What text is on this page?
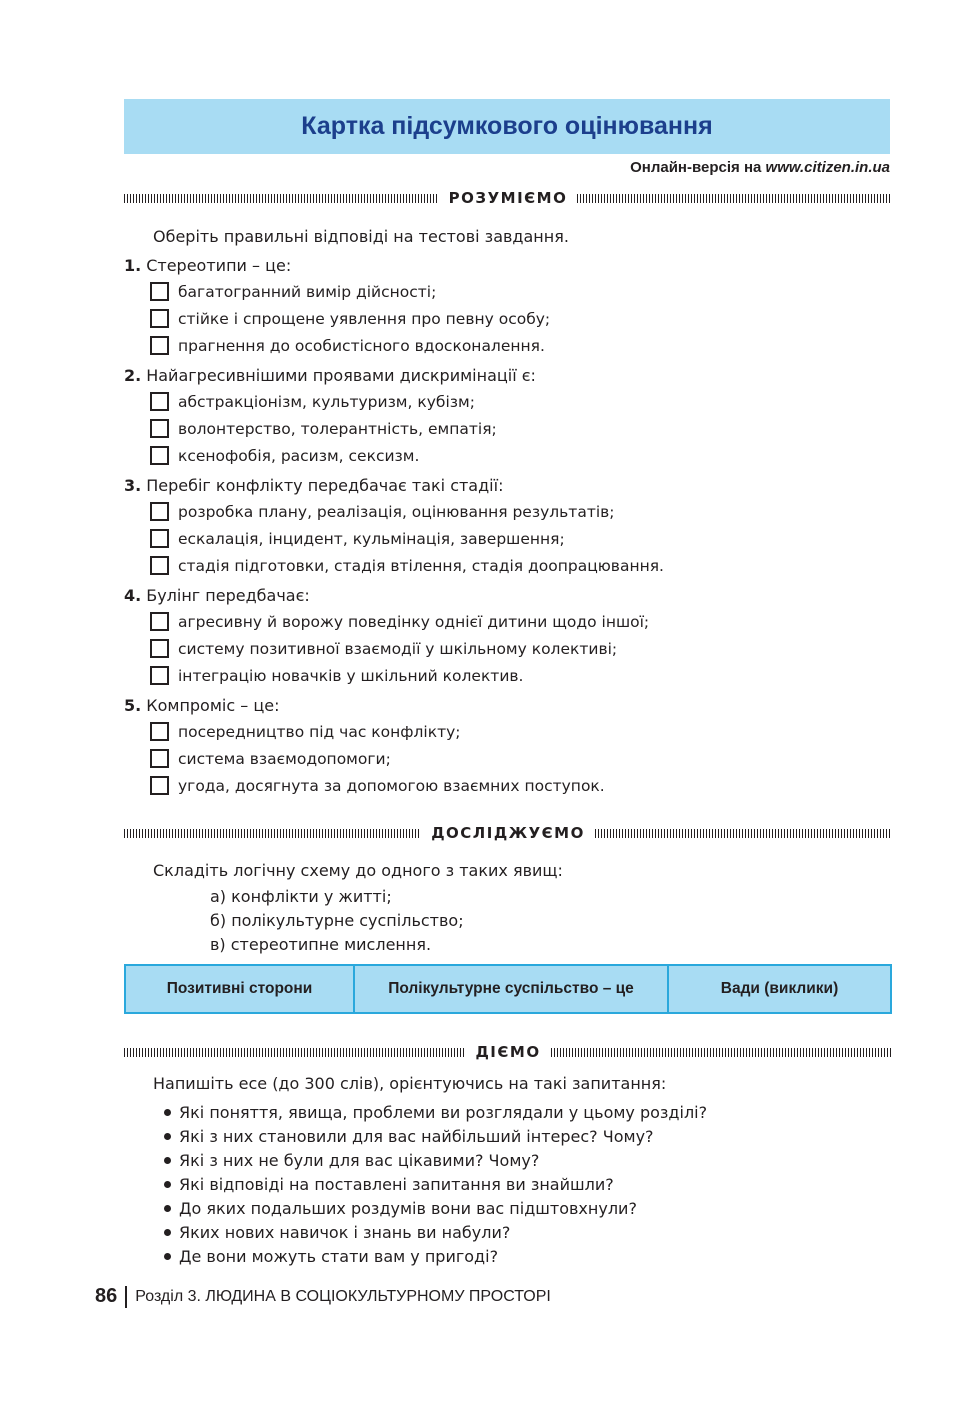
Картка підсумкового оцінювання
Онлайн-версія на www.citizen.in.ua
РОЗУМІЄМО
Оберіть правильні відповіді на тестові завдання.
1. Стереотипи – це:
багатогранний вимір дійсності;
стійке і спрощене уявлення про певну особу;
прагнення до особистісного вдосконалення.
2. Найагресивнішими проявами дискримінації є:
абстракціонізм, культуризм, кубізм;
волонтерство, толерантність, емпатія;
ксенофобія, расизм, сексизм.
3. Перебіг конфлікту передбачає такі стадії:
розробка плану, реалізація, оцінювання результатів;
ескалація, інцидент, кульмінація, завершення;
стадія підготовки, стадія втілення, стадія доопрацювання.
4. Булінг передбачає:
агресивну й ворожу поведінку однієї дитини щодо іншої;
систему позитивної взаємодії у шкільному колективі;
інтеграцію новачків у шкільний колектив.
5. Компроміс – це:
посередництво під час конфлікту;
система взаємодопомоги;
угода, досягнута за допомогою взаємних поступок.
ДОСЛІДЖУЄМО
Складіть логічну схему до одного з таких явищ:
а) конфлікти у житті;
б) полікультурне суспільство;
в) стереотипне мислення.
Позитивні сторони	Полікультурне суспільство – це	Вади (виклики)
ДІЄМО
Напишіть есе (до 300 слів), орієнтуючись на такі запитання:
Які поняття, явища, проблеми ви розглядали у цьому розділі?
Які з них становили для вас найбільший інтерес? Чому?
Які з них не були для вас цікавими? Чому?
Які відповіді на поставлені запитання ви знайшли?
До яких подальших роздумів вони вас підштовхнули?
Яких нових навичок і знань ви набули?
Де вони можуть стати вам у пригоді?
86 Розділ 3. ЛЮДИНА В СОЦІОКУЛЬТУРНОМУ ПРОСТОРІ
